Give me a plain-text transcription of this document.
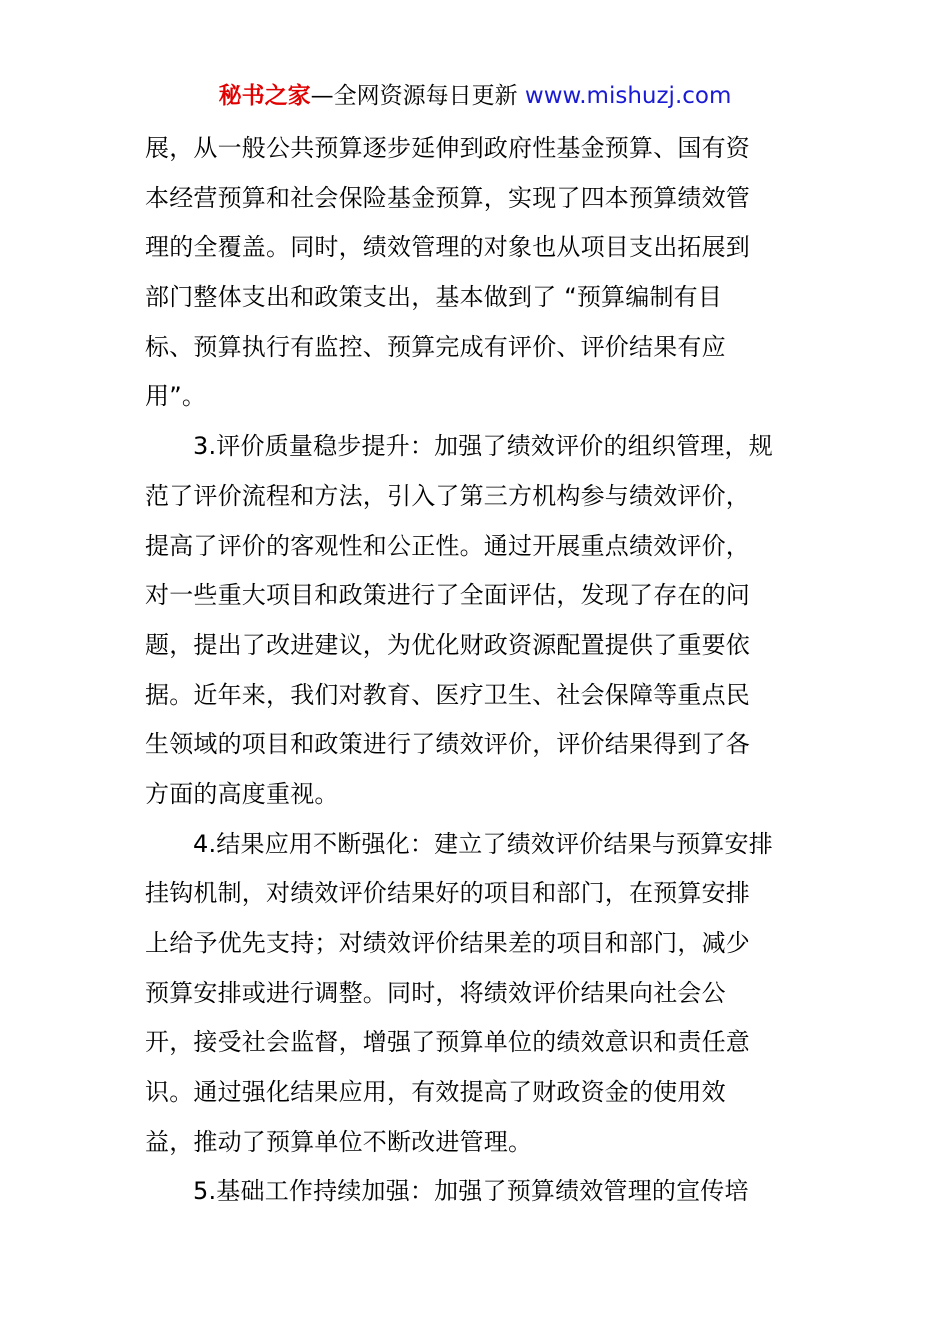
秘书之家—全网资源每日更新 www.mishuzj.com
展，从一般公共预算逐步延伸到政府性基金预算、国有资
本经营预算和社会保险基金预算，实现了四本预算绩效管
理的全覆盖。同时，绩效管理的对象也从项目支出拓展到
部门整体支出和政策支出，基本做到了 “预算编制有目
标、预算执行有监控、预算完成有评价、评价结果有应
用”。
3.评价质量稳步提升：加强了绩效评价的组织管理，规
范了评价流程和方法，引入了第三方机构参与绩效评价，
提高了评价的客观性和公正性。通过开展重点绩效评价，
对一些重大项目和政策进行了全面评估，发现了存在的问
题，提出了改进建议，为优化财政资源配置提供了重要依
据。近年来，我们对教育、医疗卫生、社会保障等重点民
生领域的项目和政策进行了绩效评价，评价结果得到了各
方面的高度重视。
4.结果应用不断强化：建立了绩效评价结果与预算安排
挂钩机制，对绩效评价结果好的项目和部门，在预算安排
上给予优先支持；对绩效评价结果差的项目和部门，减少
预算安排或进行调整。同时，将绩效评价结果向社会公
开，接受社会监督，增强了预算单位的绩效意识和责任意
识。通过强化结果应用，有效提高了财政资金的使用效
益，推动了预算单位不断改进管理。
5.基础工作持续加强：加强了预算绩效管理的宣传培
